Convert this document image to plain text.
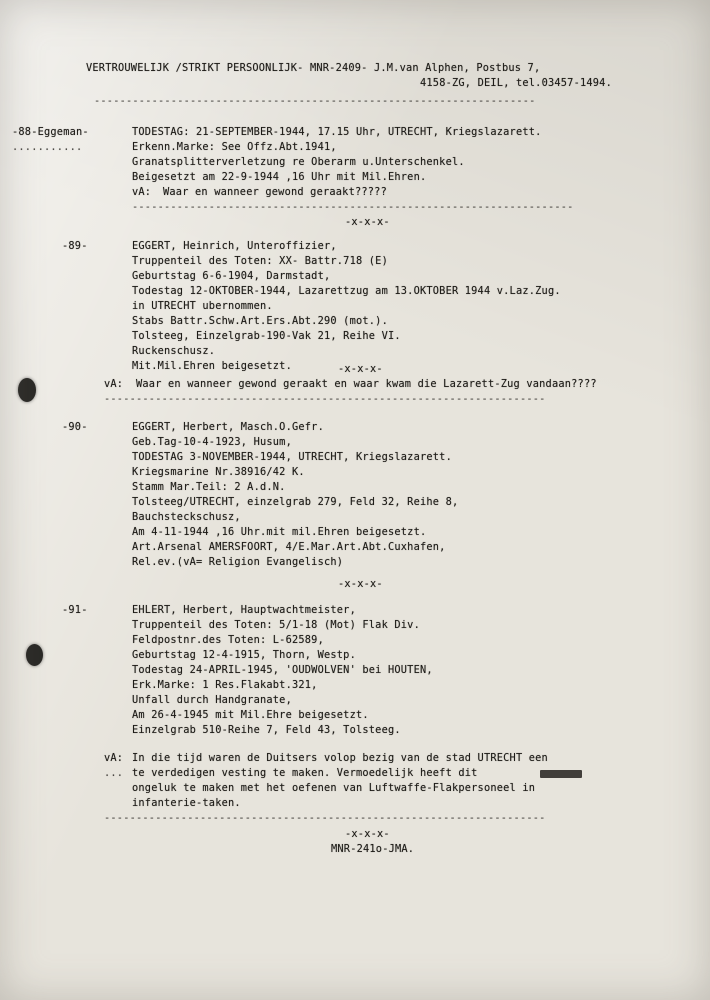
VERTROUWELIJK /STRIKT PERSOONLIJK- MNR-2409- J.M.van Alphen, Postbus 7,
4158-ZG, DEIL, tel.03457-1494.
---------------------------------------------------------------------
-88-Eggeman-
...........
TODESTAG: 21-SEPTEMBER-1944, 17.15 Uhr, UTRECHT, Kriegslazarett.
Erkenn.Marke: See Offz.Abt.1941,
Granatsplitterverletzung re Oberarm u.Unterschenkel.
Beigesetzt am 22-9-1944 ,16 Uhr mit Mil.Ehren.
vA: Waar en wanneer gewond geraakt?????
---------------------------------------------------------------------
-x-x-x-
-89-	EGGERT, Heinrich, Unteroffizier,
Truppenteil des Toten: XX- Battr.718 (E)
Geburtstag 6-6-1904, Darmstadt,
Todestag 12-OKTOBER-1944, Lazarettzug am 13.OKTOBER 1944 v.Laz.Zug.
in UTRECHT ubernommen.
Stabs Battr.Schw.Art.Ers.Abt.290 (mot.).
Tolsteeg, Einzelgrab-190-Vak 21, Reihe VI.
Ruckenschusz.
Mit.Mil.Ehren beigesetzt.	-x-x-x-
vA: Waar en wanneer gewond geraakt en waar kwam die Lazarett-Zug vandaan????
---------------------------------------------------------------------
-90-	EGGERT, Herbert, Masch.O.Gefr.
Geb.Tag-10-4-1923, Husum,
TODESTAG 3-NOVEMBER-1944, UTRECHT, Kriegslazarett.
Kriegsmarine Nr.38916/42 K.
Stamm Mar.Teil: 2 A.d.N.
Tolsteeg/UTRECHT, einzelgrab 279, Feld 32, Reihe 8,
Bauchsteckschusz,
Am 4-11-1944 ,16 Uhr.mit mil.Ehren beigesetzt.
Art.Arsenal AMERSFOORT, 4/E.Mar.Art.Abt.Cuxhafen,
Rel.ev.(vA= Religion Evangelisch)
-x-x-x-
-91-	EHLERT, Herbert, Hauptwachtmeister,
Truppenteil des Toten: 5/1-18 (Mot) Flak Div.
Feldpostnr.des Toten: L-62589,
Geburtstag 12-4-1915, Thorn, Westp.
Todestag 24-APRIL-1945, 'OUDWOLVEN' bei HOUTEN,
Erk.Marke: 1 Res.Flakabt.321,
Unfall durch Handgranate,
Am 26-4-1945 mit Mil.Ehre beigesetzt.
Einzelgrab 510-Reihe 7, Feld 43, Tolsteeg.
vA: In die tijd waren de Duitsers volop bezig van de stad UTRECHT een
... te verdedigen vesting te maken. Vermoedelijk heeft dit
ongeluk te maken met het oefenen van Luftwaffe-Flakpersoneel in
infanterie-taken.
---------------------------------------------------------------------
-x-x-x-
MNR-241o-JMA.
